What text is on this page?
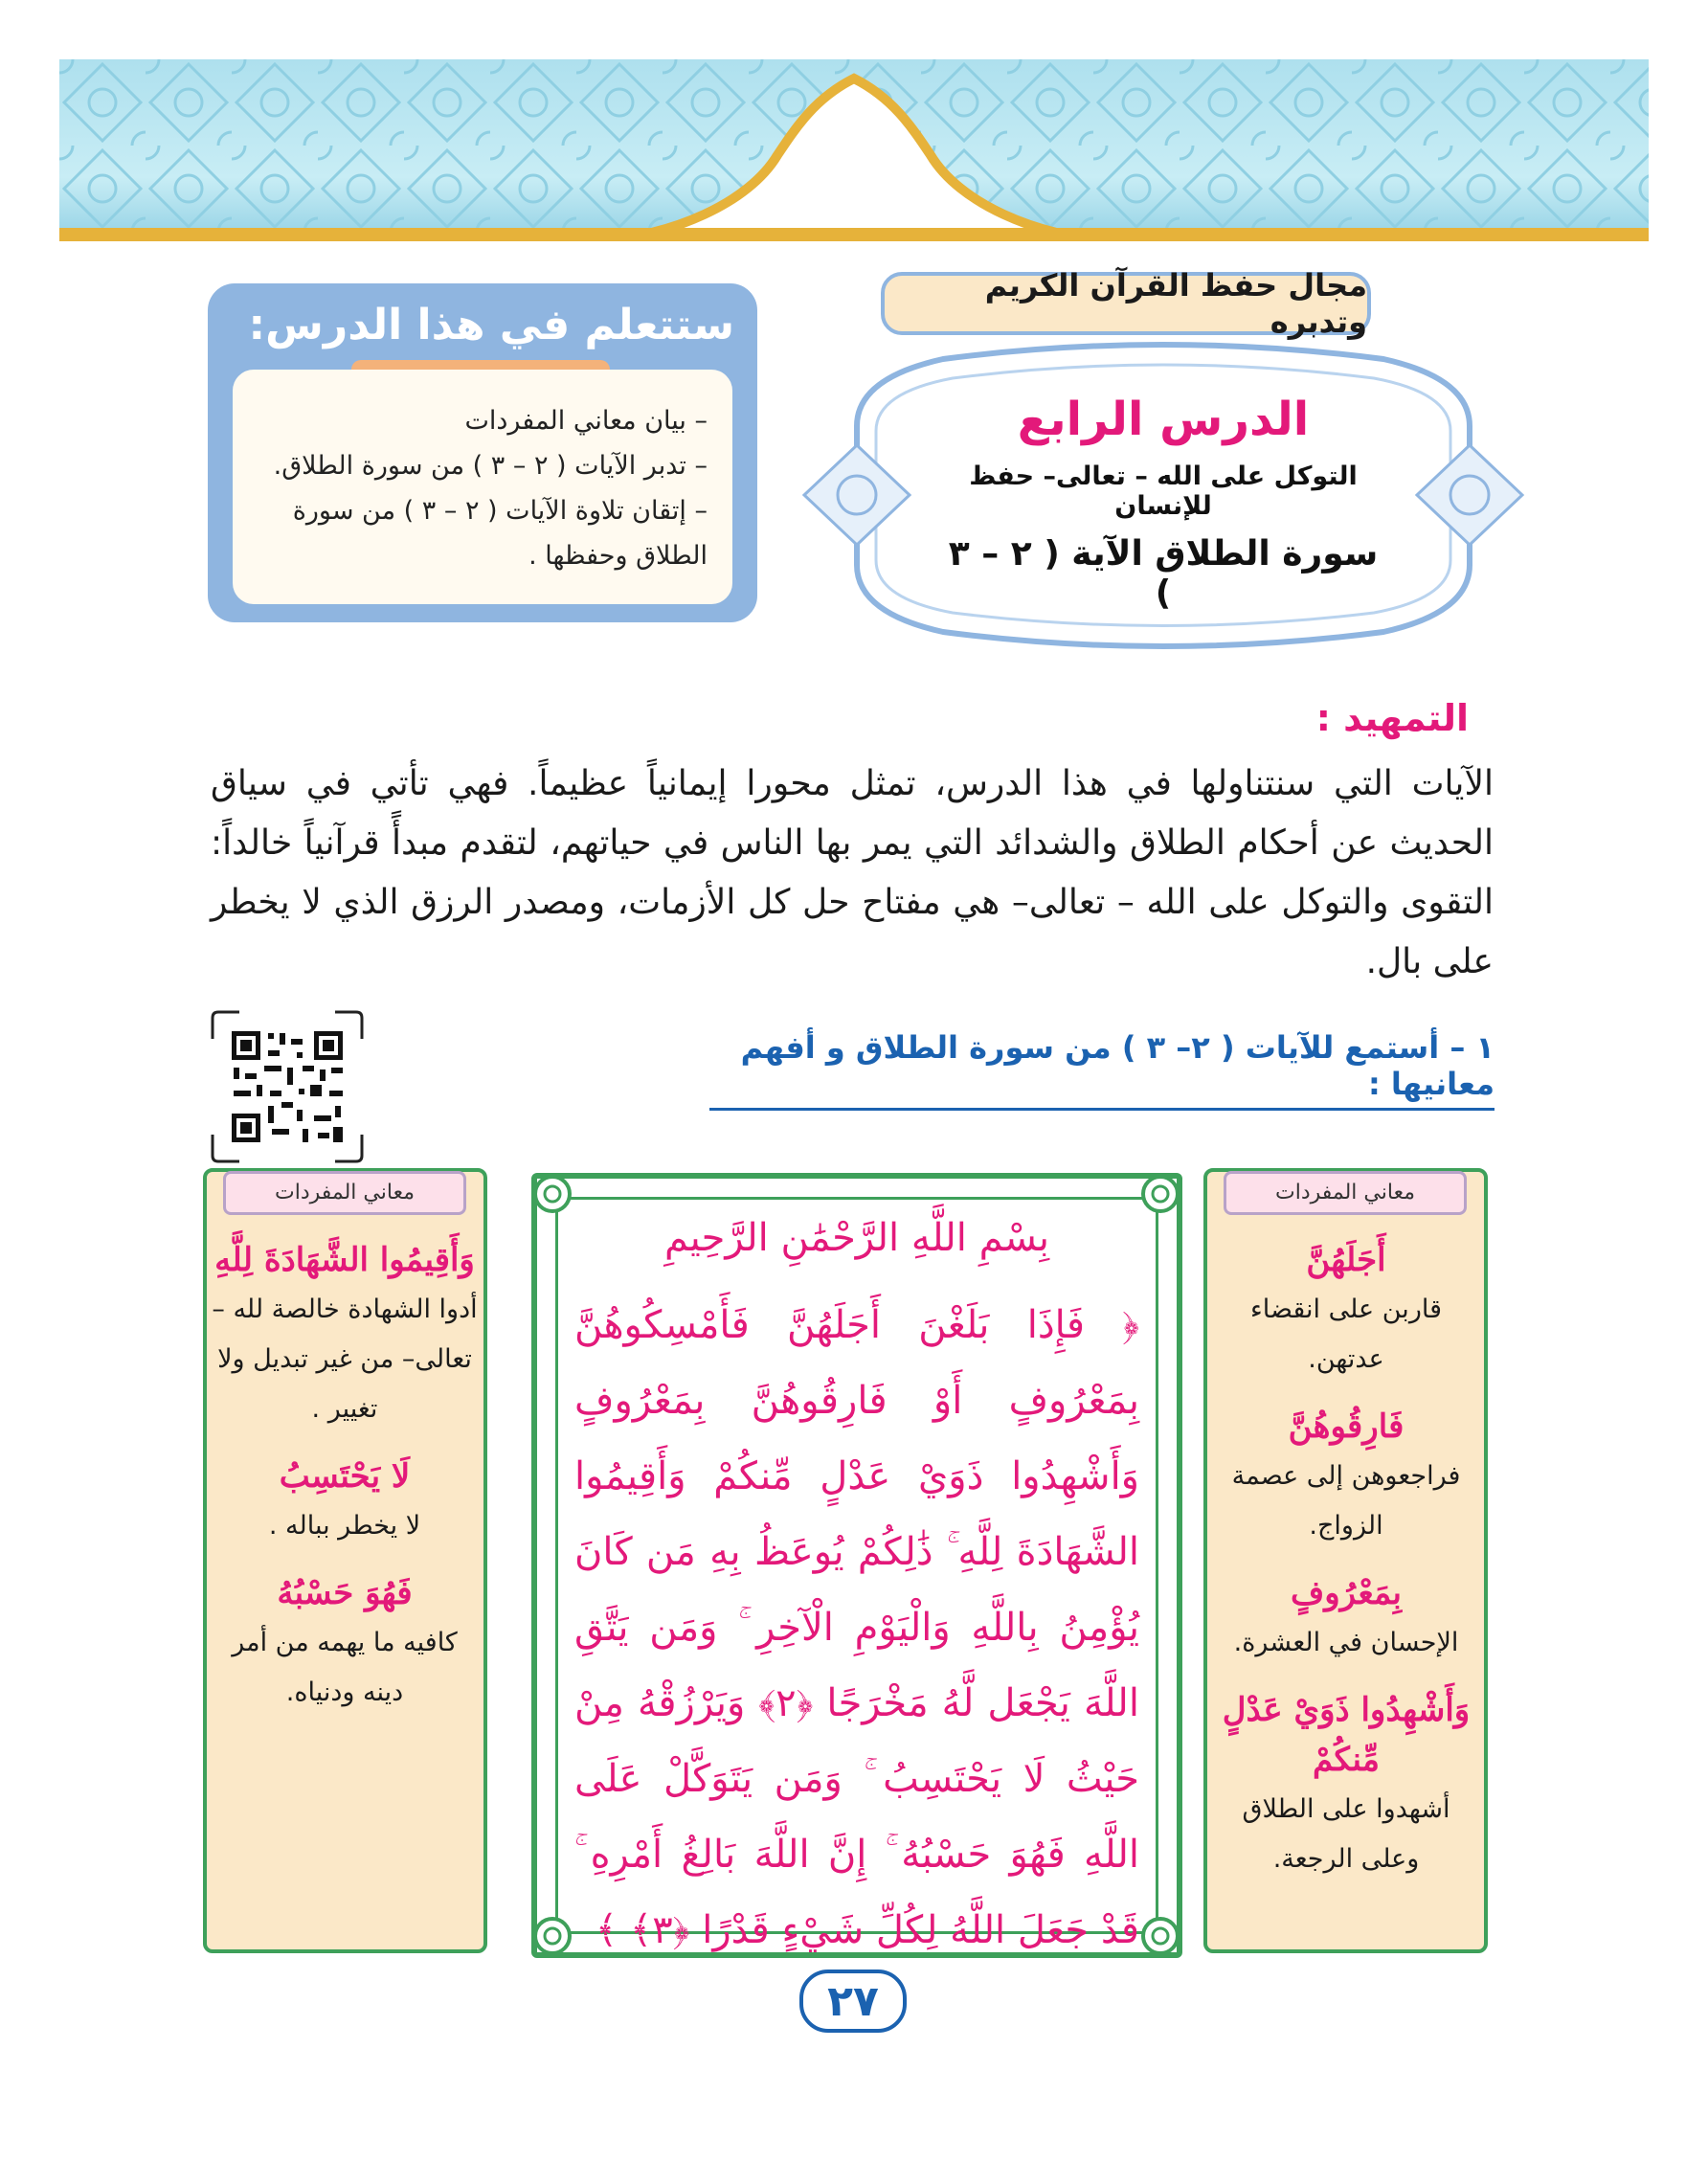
مجال حفظ القرآن الكريم وتدبره
الدرس الرابع
التوكل على الله – تعالى– حفظ للإنسان
سورة الطلاق الآية ( ٢ – ٣ )
ستتعلم في هذا الدرس:
– بيان معاني المفردات
– تدبر الآيات ( ٢ – ٣ ) من سورة الطلاق.
– إتقان تلاوة الآيات ( ٢ – ٣ ) من سورة الطلاق وحفظها .
التمهيد :
الآيات التي سنتناولها في هذا الدرس، تمثل محورا إيمانياً عظيماً. فهي تأتي في سياق الحديث عن أحكام الطلاق والشدائد التي يمر بها الناس في حياتهم، لتقدم مبدأً قرآنياً خالداً: التقوى والتوكل على الله – تعالى– هي مفتاح حل كل الأزمات، ومصدر الرزق الذي لا يخطر على بال.
١ – أستمع للآيات ( ٢– ٣ ) من سورة الطلاق و أفهم معانيها :
معاني المفردات
أَجَلَهُنَّ
قاربن على انقضاء عدتهن.
فَارِقُوهُنَّ
فراجعوهن إلى عصمة الزواج.
بِمَعْرُوفٍ
الإحسان في العشرة.
وَأَشْهِدُوا ذَوَيْ عَدْلٍ مِّنكُمْ
أشهدوا على الطلاق وعلى الرجعة.
معاني المفردات
وَأَقِيمُوا الشَّهَادَةَ لِلَّهِ
أدوا الشهادة خالصة لله – تعالى– من غير تبديل ولا تغيير .
لَا يَحْتَسِبُ
لا يخطر بباله .
فَهُوَ حَسْبُهُ
كافيه ما يهمه من أمر دينه ودنياه.
بِسْمِ اللَّهِ الرَّحْمَٰنِ الرَّحِيمِ
﴿ فَإِذَا بَلَغْنَ أَجَلَهُنَّ فَأَمْسِكُوهُنَّ بِمَعْرُوفٍ أَوْ فَارِقُوهُنَّ بِمَعْرُوفٍ وَأَشْهِدُوا ذَوَيْ عَدْلٍ مِّنكُمْ وَأَقِيمُوا الشَّهَادَةَ لِلَّهِ ۚ ذَٰلِكُمْ يُوعَظُ بِهِ مَن كَانَ يُؤْمِنُ بِاللَّهِ وَالْيَوْمِ الْآخِرِ ۚ وَمَن يَتَّقِ اللَّهَ يَجْعَل لَّهُ مَخْرَجًا ﴿٢﴾ وَيَرْزُقْهُ مِنْ حَيْثُ لَا يَحْتَسِبُ ۚ وَمَن يَتَوَكَّلْ عَلَى اللَّهِ فَهُوَ حَسْبُهُ ۚ إِنَّ اللَّهَ بَالِغُ أَمْرِهِ ۚ قَدْ جَعَلَ اللَّهُ لِكُلِّ شَيْءٍ قَدْرًا ﴿٣﴾ ﴾
٢٧
